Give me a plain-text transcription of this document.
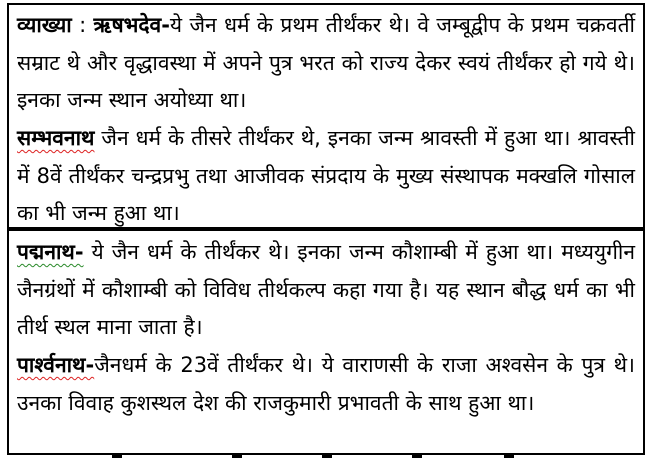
व्याख्या : ऋषभदेव-ये जैन धर्म के प्रथम तीर्थंकर थे। वे जम्बूद्वीप के प्रथम चक्रवर्ती सम्राट थे और वृद्धावस्था में अपने पुत्र भरत को राज्य देकर स्वयं तीर्थंकर हो गये थे। इनका जन्म स्थान अयोध्या था।

सम्भवनाथ जैन धर्म के तीसरे तीर्थंकर थे, इनका जन्म श्रावस्ती में हुआ था। श्रावस्ती में 8वें तीर्थंकर चन्द्रप्रभु तथा आजीवक संप्रदाय के मुख्य संस्थापक मक्खलि गोसाल का भी जन्म हुआ था।

पद्मनाथ- ये जैन धर्म के तीर्थंकर थे। इनका जन्म कौशाम्बी में हुआ था। मध्ययुगीन जैनग्रंथों में कौशाम्बी को विविध तीर्थकल्प कहा गया है। यह स्थान बौद्ध धर्म का भी तीर्थ स्थल माना जाता है।

पार्श्वनाथ-जैनधर्म के 23वें तीर्थंकर थे। ये वाराणसी के राजा अश्वसेन के पुत्र थे। उनका विवाह कुशस्थल देश की राजकुमारी प्रभावती के साथ हुआ था।
